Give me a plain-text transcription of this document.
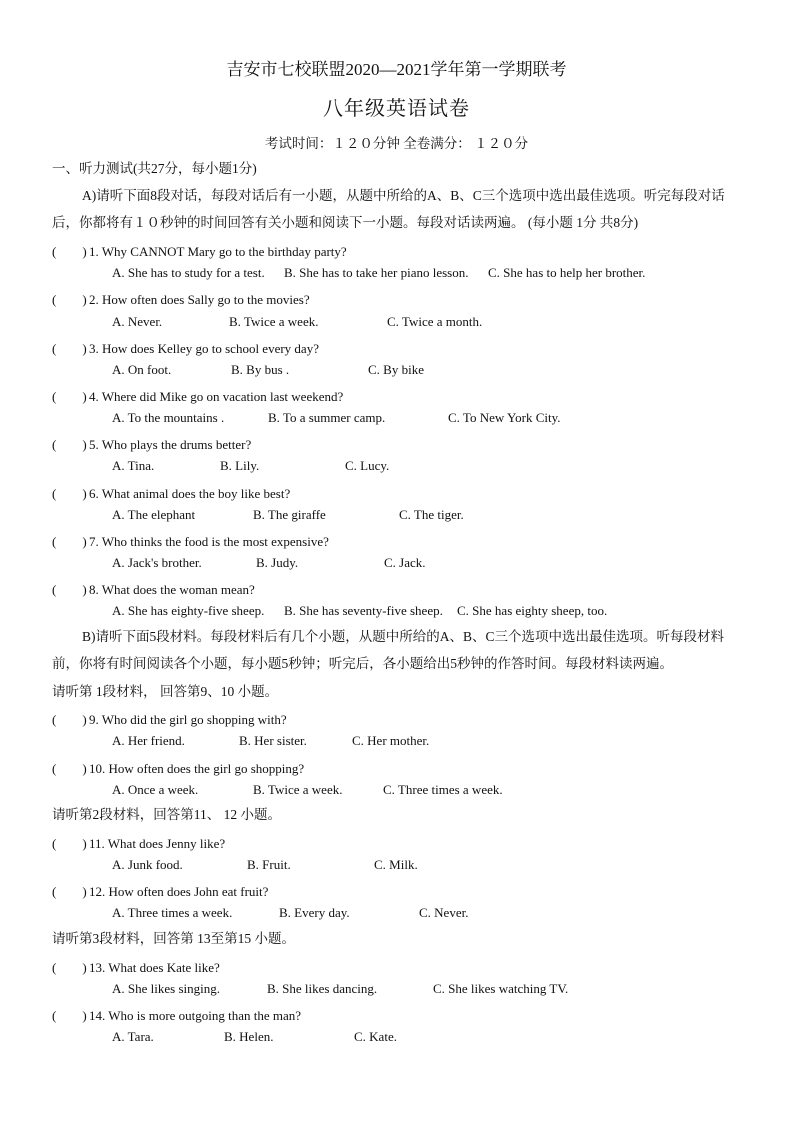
吉安市七校联盟2020—2021学年第一学期联考
八年级英语试卷
考试时间：１２０分钟 全卷满分： １２０分
一、听力测试(共27分，每小题1分)
A)请听下面8段对话，每段对话后有一小题，从题中所给的A、B、C三个选项中选出最佳选项。听完每段对话后，你都将有１０秒钟的时间回答有关小题和阅读下一小题。每段对话读两遍。 (每小题 1分 共8分)
(　　) 1. Why CANNOT Mary go to the birthday party?
A. She has to study for a test. B. She has to take her piano lesson. C. She has to help her brother.
(　　) 2. How often does Sally go to the movies?
A. Never.	B. Twice a week.	C. Twice a month.
(　　) 3. How does Kelley go to school every day?
A. On foot.	B. By bus .	C. By bike
(　　) 4. Where did Mike go on vacation last weekend?
A. To the mountains .	B. To a summer camp.	C. To New York City.
(　　) 5. Who plays the drums better?
A. Tina.	B. Lily.	C. Lucy.
(　　) 6. What animal does the boy like best?
A. The elephant	B. The giraffe	C. The tiger.
(　　) 7. Who thinks the food is the most expensive?
A. Jack's brother.	B. Judy.	C. Jack.
(　　) 8. What does the woman mean?
A. She has eighty-five sheep. B. She has seventy-five sheep. C. She has eighty sheep, too.
B)请听下面5段材料。每段材料后有几个小题，从题中所给的A、B、C三个选项中选出最佳选项。听每段材料前，你将有时间阅读各个小题，每小题5秒钟；听完后，各小题给出5秒钟的作答时间。每段材料读两遍。
请听第 1段材料， 回答第9、10 小题。
(　　) 9. Who did the girl go shopping with?
A. Her friend.	B. Her sister.	C. Her mother.
(　　) 10. How often does the girl go shopping?
A. Once a week.	B. Twice a week.	C. Three times a week.
请听第2段材料，回答第11、 12 小题。
(　　) 11. What does Jenny like?
A. Junk food.	B. Fruit.	C. Milk.
(　　) 12. How often does John eat fruit?
A. Three times a week.	B. Every day.	C. Never.
请听第3段材料，回答第 13至第15 小题。
(　　) 13. What does Kate like?
A. She likes singing.	B. She likes dancing.	C. She likes watching TV.
(　　) 14. Who is more outgoing than the man?
A. Tara.	B. Helen.	C. Kate.
